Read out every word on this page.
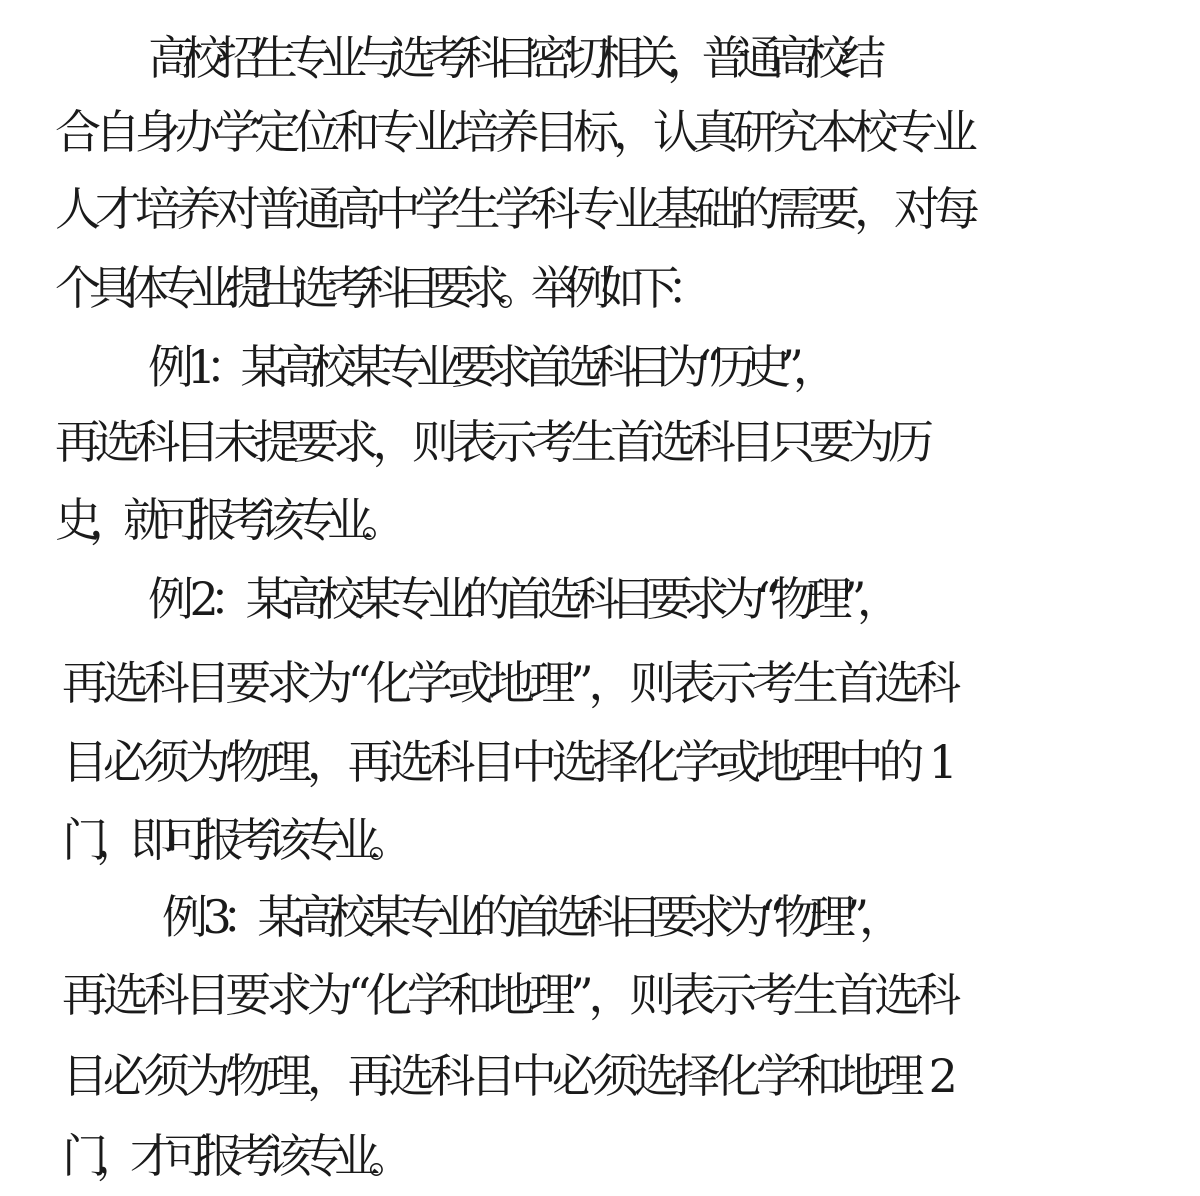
高校招生专业与选考科目密切相关，普通高校结
合自身办学定位和专业培养目标，认真研究本校专业
人才培养对普通高中学生学科专业基础的需要，对每
个具体专业提出选考科目要求。举例如下：
例 1：某高校某专业要求首选科目为“历史”，
再选科目未提要求，则表示考生首选科目只要为历
史，就可报考该专业。
例 2：某高校某专业的首选科目要求为“物理”，
再选科目要求为“化学或地理”，则表示考生首选科
目必须为物理，再选科目中选择化学或地理中的 1
门，即可报考该专业。
例 3：某高校某专业的首选科目要求为“物理”，
再选科目要求为“化学和地理”，则表示考生首选科
目必须为物理，再选科目中必须选择化学和地理 2
门，才可报考该专业。
